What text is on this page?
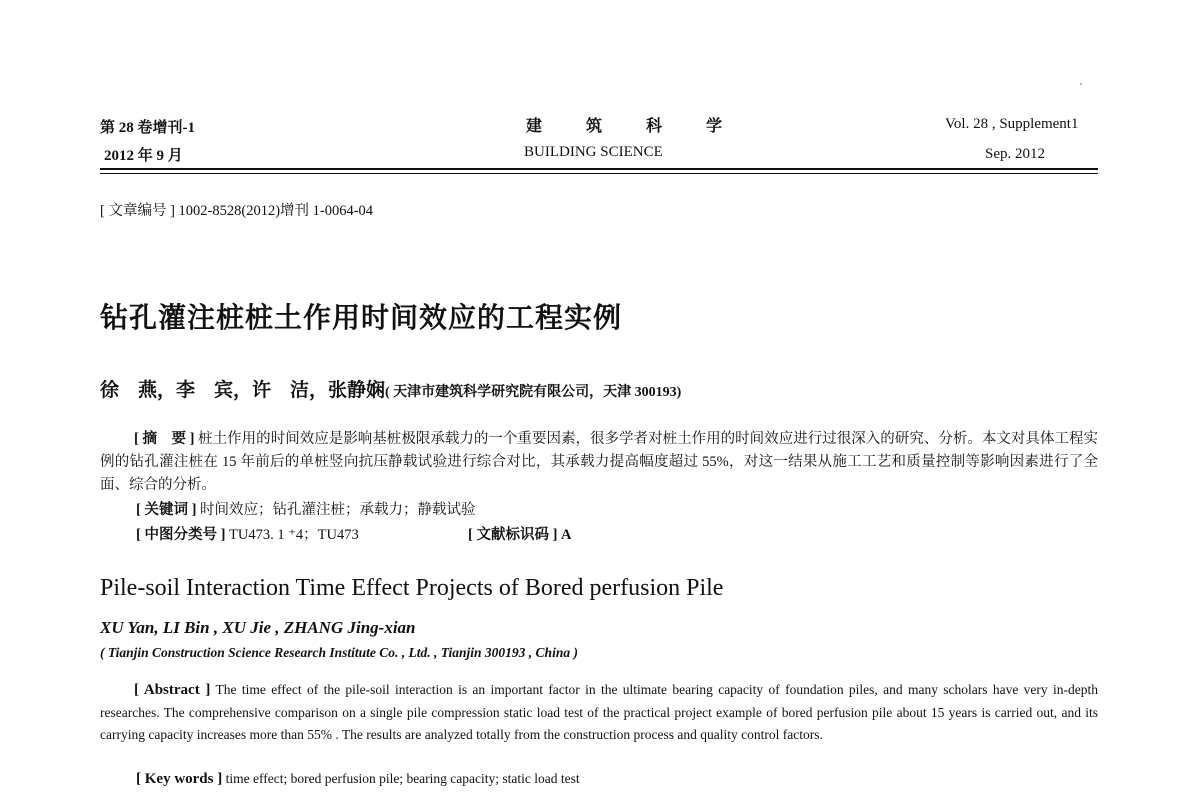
第 28 卷增刊-1
2012 年 9 月
建 筑 科 学
BUILDING SCIENCE
Vol. 28 , Supplement1
Sep. 2012
[ 文章编号 ] 1002-8528(2012)增刊 1-0064-04
钻孔灌注桩桩土作用时间效应的工程实例
徐　燕，李　宾，许　洁，张静娴( 天津市建筑科学研究院有限公司，天津 300193)
[ 摘　要 ] 桩土作用的时间效应是影响基桩极限承载力的一个重要因素，很多学者对桩土作用的时间效应进行过很深入的研究、分析。本文对具体工程实例的钻孔灌注桩在 15 年前后的单桩竖向抗压静载试验进行综合对比，其承载力提高幅度超过 55%，对这一结果从施工工艺和质量控制等影响因素进行了全面、综合的分析。
[ 关键词 ] 时间效应；钻孔灌注桩；承载力；静载试验
[ 中图分类号 ] TU473. 1 ⁺4；TU473	[ 文献标识码 ] A
Pile-soil Interaction Time Effect Projects of Bored perfusion Pile
XU Yan, LI Bin , XU Jie , ZHANG Jing-xian
( Tianjin Construction Science Research Institute Co. , Ltd. , Tianjin 300193 , China )
[ Abstract ] The time effect of the pile-soil interaction is an important factor in the ultimate bearing capacity of foundation piles, and many scholars have very in-depth researches. The comprehensive comparison on a single pile compression static load test of the practical project example of bored perfusion pile about 15 years is carried out, and its carrying capacity increases more than 55% . The results are analyzed totally from the construction process and quality control factors.
[ Key words ] time effect; bored perfusion pile; bearing capacity; static load test
